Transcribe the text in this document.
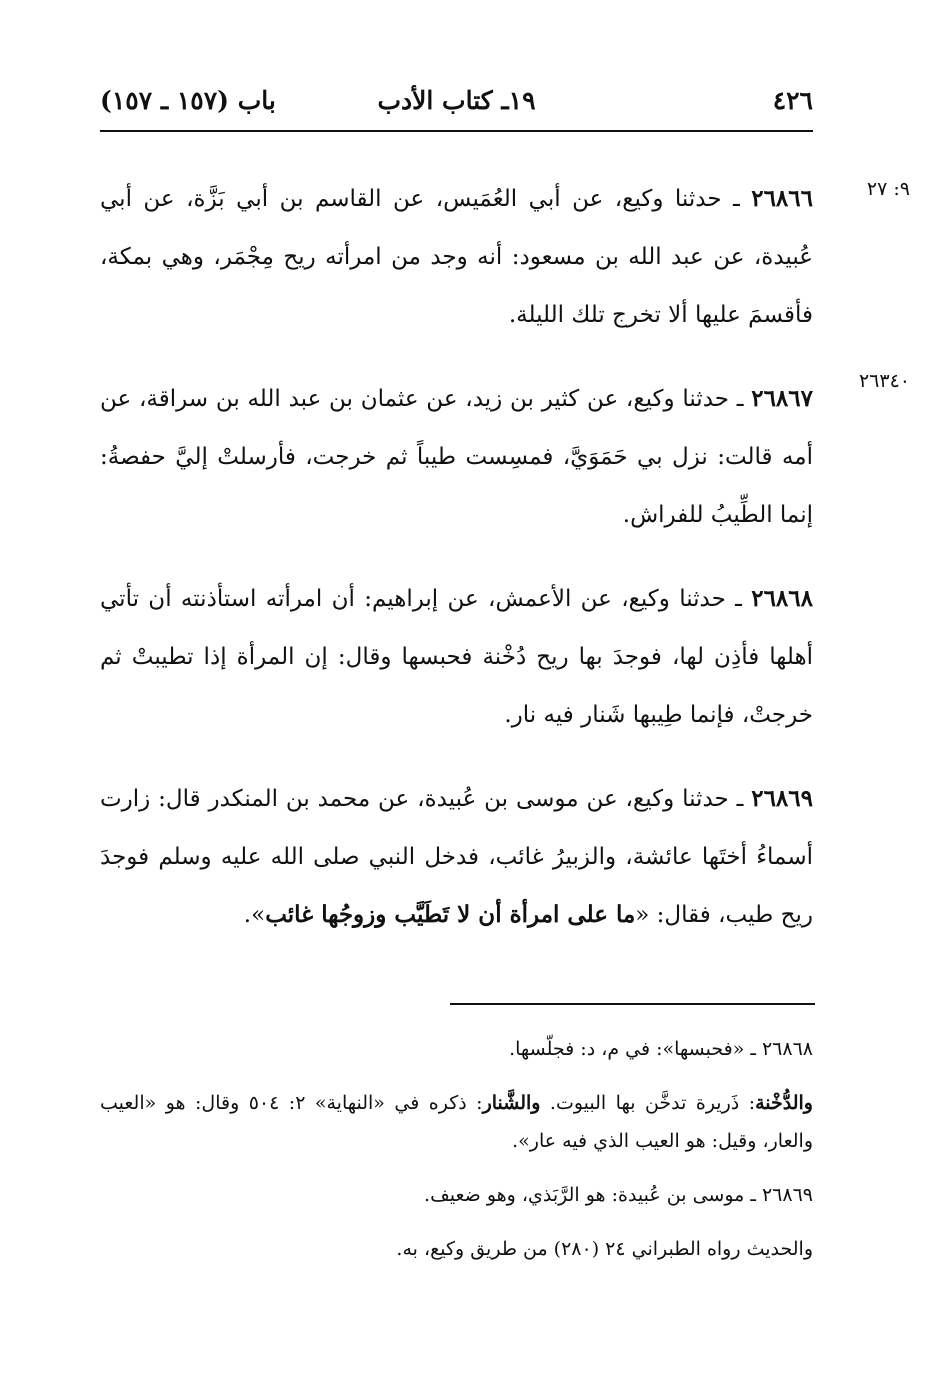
٤٢٦
١٩ـ كتاب الأدب
باب (١٥٧ ـ ١٥٧)
٩: ٢٧
٢٦٣٤٠

٢٦٨٦٦ ـ حدثنا وكيع، عن أبي العُمَيس، عن القاسم بن أبي بَزَّة، عن أبي عُبيدة، عن عبد الله بن مسعود: أنه وجد من امرأته ريح مِجْمَر، وهي بمكة، فأقسمَ عليها ألا تخرج تلك الليلة.

٢٦٨٦٧ ـ حدثنا وكيع، عن كثير بن زيد، عن عثمان بن عبد الله بن سراقة، عن أمه قالت: نزل بي حَمَوَيَّ، فمسِست طيباً ثم خرجت، فأرسلتْ إليَّ حفصةُ: إنما الطِّيبُ للفراش.

٢٦٨٦٨ ـ حدثنا وكيع، عن الأعمش، عن إبراهيم: أن امرأته استأذنته أن تأتي أهلها فأذِن لها، فوجدَ بها ريح دُخْنة فحبسها وقال: إن المرأة إذا تطيبتْ ثم خرجتْ، فإنما طِيبها شَنار فيه نار.

٢٦٨٦٩ ـ حدثنا وكيع، عن موسى بن عُبيدة، عن محمد بن المنكدر قال: زارت أسماءُ أختَها عائشة، والزبيرُ غائب، فدخل النبي صلى الله عليه وسلم فوجدَ ريح طيب، فقال: «ما على امرأة أن لا تَطَيَّب وزوجُها غائب».

٢٦٨٦٨ ـ «فحبسها»: في م، د: فجلّسها.

والدُّخْنة: ذَريرة تدخَّن بها البيوت. والشَّنار: ذكره في «النهاية» ٢: ٥٠٤ وقال: هو «العيب والعار، وقيل: هو العيب الذي فيه عار».

٢٦٨٦٩ ـ موسى بن عُبيدة: هو الرَّبَذي، وهو ضعيف.

والحديث رواه الطبراني ٢٤ (٢٨٠) من طريق وكيع، به.
